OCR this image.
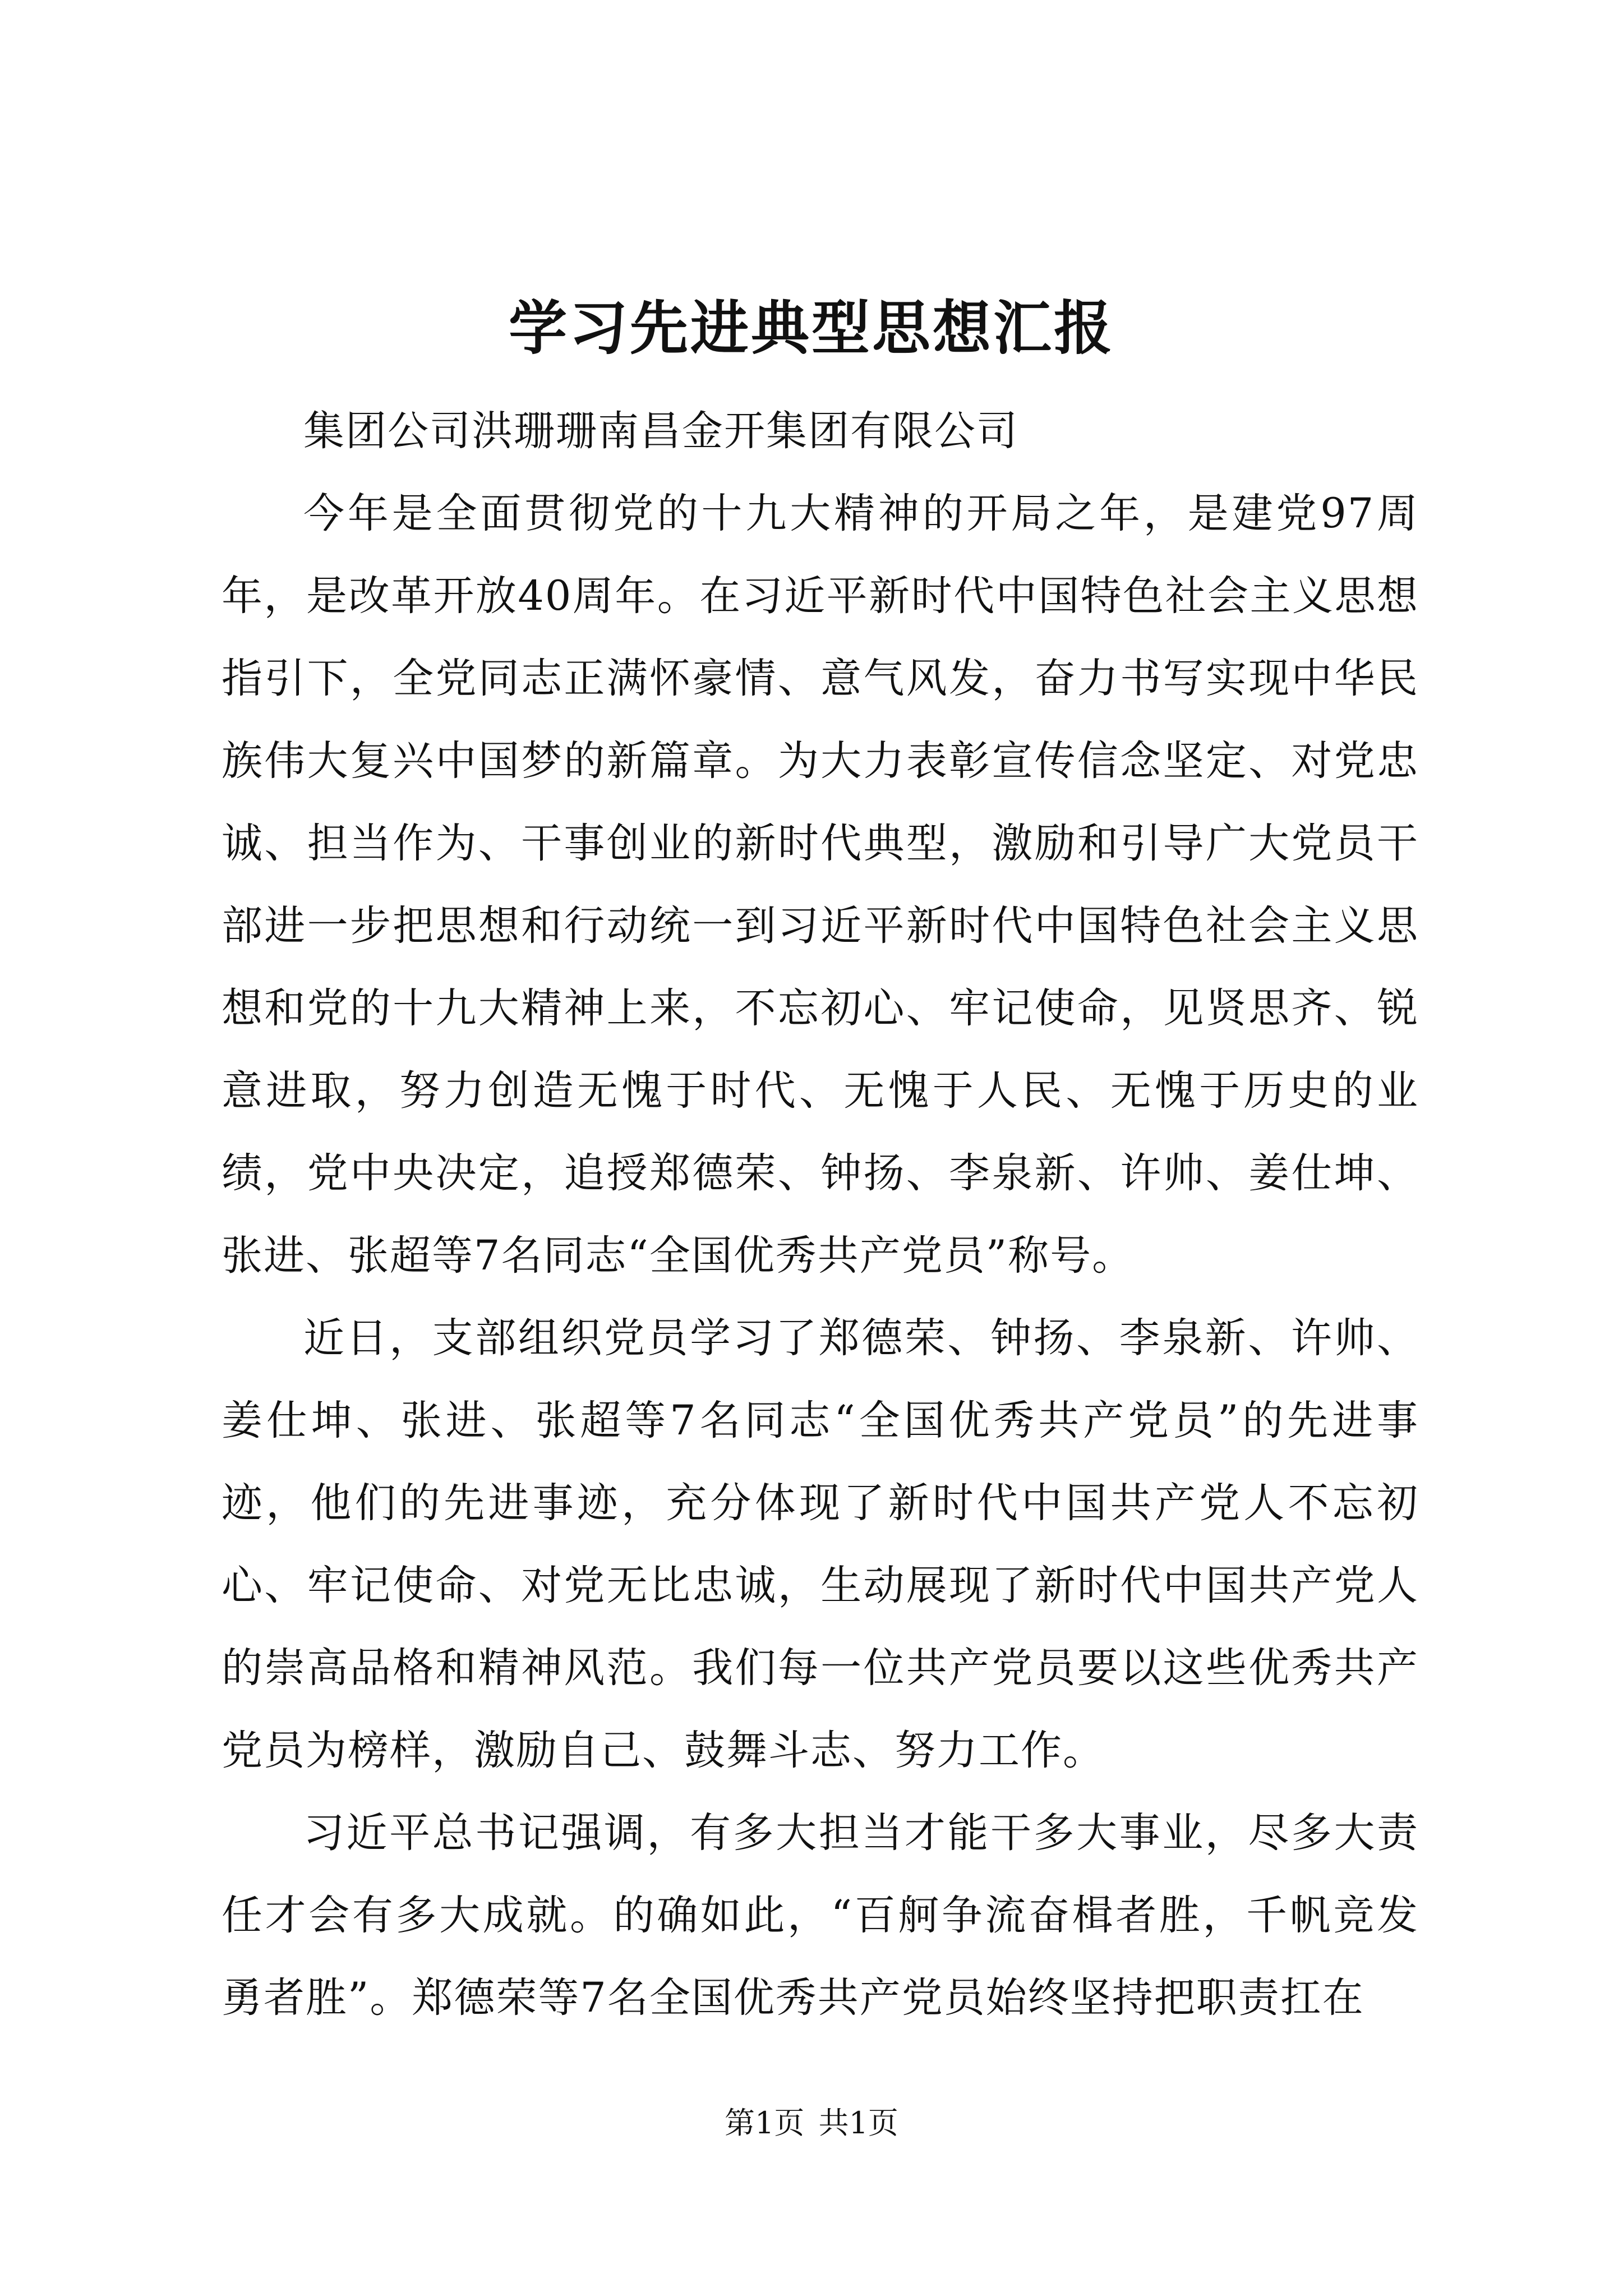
学习先进典型思想汇报

集团公司洪珊珊南昌金开集团有限公司

今年是全面贯彻党的十九大精神的开局之年，是建党97周年，是改革开放40周年。在习近平新时代中国特色社会主义思想指引下，全党同志正满怀豪情、意气风发，奋力书写实现中华民族伟大复兴中国梦的新篇章。为大力表彰宣传信念坚定、对党忠诚、担当作为、干事创业的新时代典型，激励和引导广大党员干部进一步把思想和行动统一到习近平新时代中国特色社会主义思想和党的十九大精神上来，不忘初心、牢记使命，见贤思齐、锐意进取，努力创造无愧于时代、无愧于人民、无愧于历史的业绩，党中央决定，追授郑德荣、钟扬、李泉新、许帅、姜仕坤、张进、张超等7名同志“全国优秀共产党员”称号。

近日，支部组织党员学习了郑德荣、钟扬、李泉新、许帅、姜仕坤、张进、张超等7名同志“全国优秀共产党员”的先进事迹，他们的先进事迹，充分体现了新时代中国共产党人不忘初心、牢记使命、对党无比忠诚，生动展现了新时代中国共产党人的崇高品格和精神风范。我们每一位共产党员要以这些优秀共产党员为榜样，激励自己、鼓舞斗志、努力工作。

习近平总书记强调，有多大担当才能干多大事业，尽多大责任才会有多大成就。的确如此，“百舸争流奋楫者胜，千帆竞发勇者胜”。郑德荣等7名全国优秀共产党员始终坚持把职责扛在

第1页 共1页
